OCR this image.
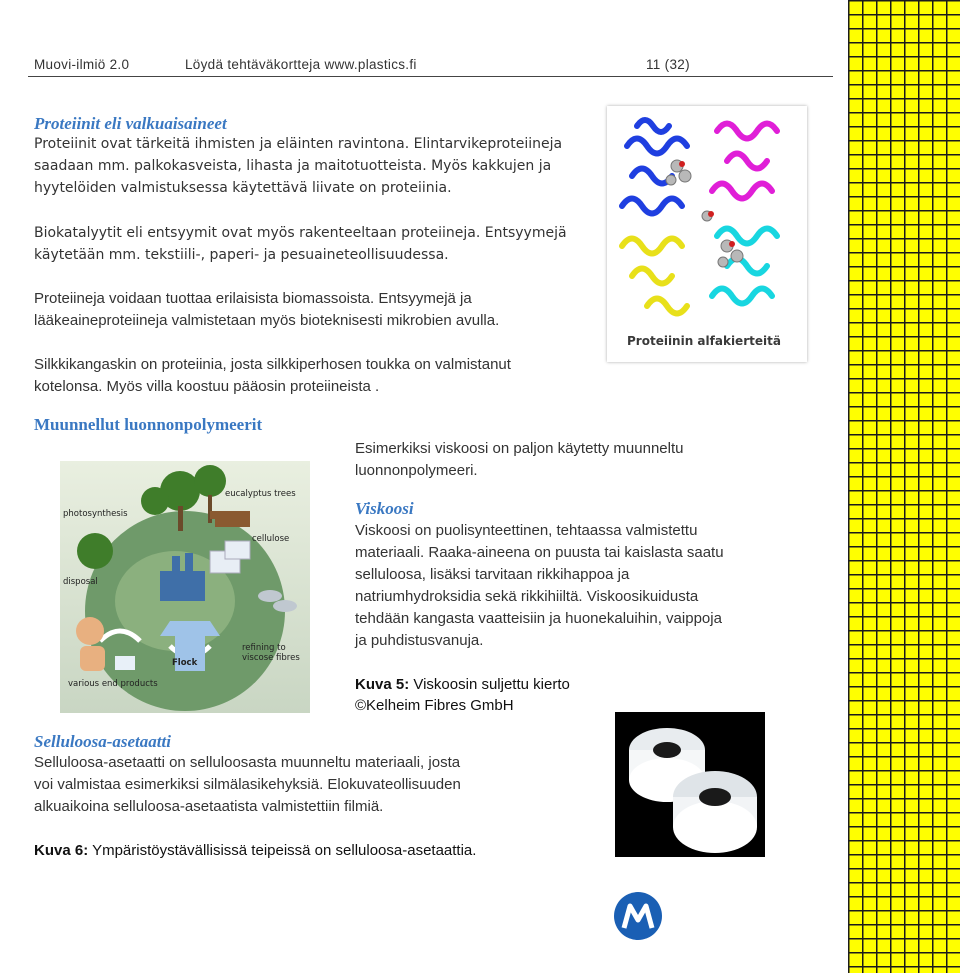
Muovi-ilmiö 2.0	Löydä tehtäväkortteja www.plastics.fi	11 (32)
Proteiinit eli valkuaisaineet
Proteiinit ovat tärkeitä ihmisten ja eläinten ravintona. Elintarvikeproteiineja
saadaan mm. palkokasveista, lihasta ja maitotuotteista. Myös kakkujen ja
hyytelöiden valmistuksessa käytettävä liivate on proteiinia.
Biokatalyytit eli entsyymit ovat myös rakenteeltaan proteiineja. Entsyymejä
käytetään mm. tekstiili-, paperi- ja pesuaineteollisuudessa.
Proteiineja voidaan tuottaa erilaisista biomassoista. Entsyymejä ja
lääkeaineproteiineja valmistetaan myös bioteknisesti mikrobien avulla.
Silkkikangaskin on proteiinia, josta silkkiperhosen toukka on valmistanut
kotelonsa. Myös villa koostuu pääosin proteiineista .
Proteiinin alfakierteitä
Muunnellut luonnonpolymeerit
Esimerkiksi viskoosi on paljon käytetty muunneltu
luonnonpolymeeri.
Viskoosi
Viskoosi on puolisynteettinen, tehtaassa valmistettu
materiaali. Raaka-aineena on puusta tai kaislasta saatu
selluloosa, lisäksi tarvitaan rikkihappoa ja
natriumhydroksidia sekä rikkihiiltä. Viskoosikuidusta
tehdään kangasta vaatteisiin ja huonekaluihin, vaippoja
ja puhdistusvanuja.
Kuva 5: Viskoosin suljettu kierto
©Kelheim Fibres GmbH
eucalyptus trees
photosynthesis
cellulose
disposal
refining to viscose fibres
Flock
various end products
Selluloosa-asetaatti
Selluloosa-asetaatti on selluloosasta muunneltu materiaali, josta
voi valmistaa esimerkiksi silmälasikehyksiä. Elokuvateollisuuden
alkuaikoina selluloosa-asetaatista valmistettiin filmiä.
Kuva 6: Ympäristöystävällisissä teipeissä on selluloosa-asetaattia.
